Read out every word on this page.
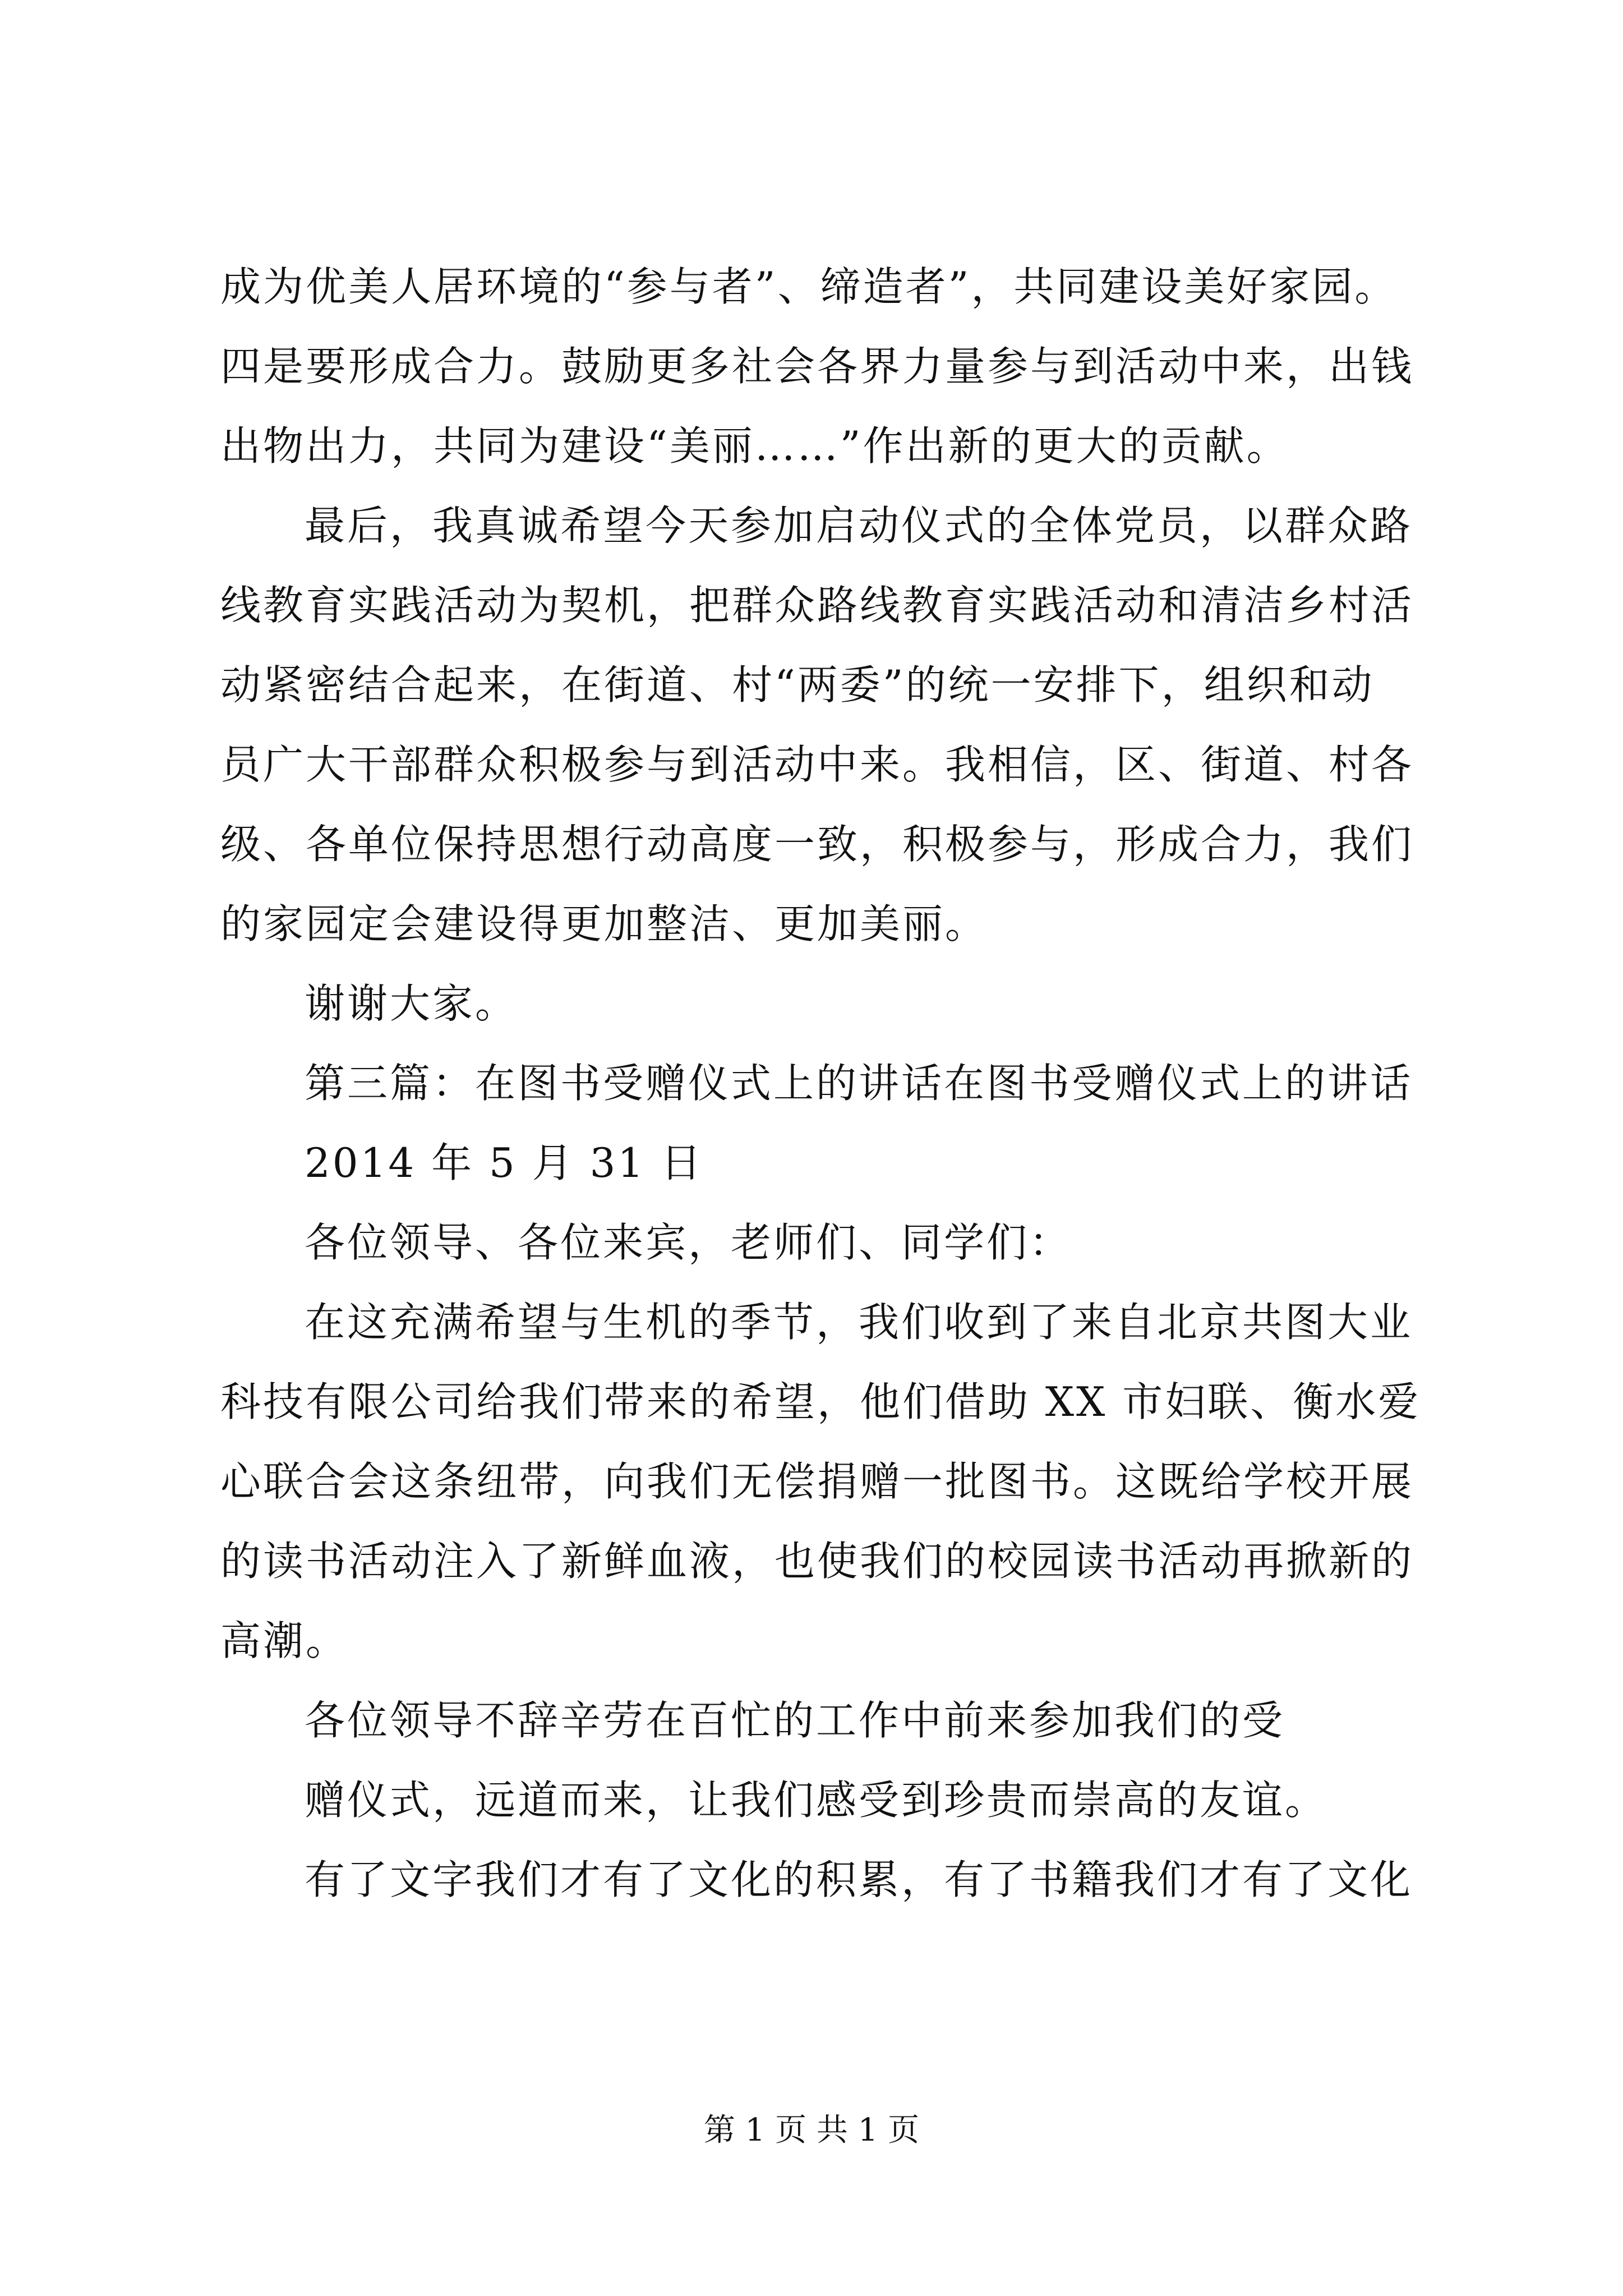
成为优美人居环境的“参与者”、缔造者”，共同建设美好家园。
四是要形成合力。鼓励更多社会各界力量参与到活动中来，出钱
出物出力，共同为建设“美丽……”作出新的更大的贡献。
最后，我真诚希望今天参加启动仪式的全体党员，以群众路
线教育实践活动为契机，把群众路线教育实践活动和清洁乡村活
动紧密结合起来，在街道、村“两委”的统一安排下，组织和动
员广大干部群众积极参与到活动中来。我相信，区、街道、村各
级、各单位保持思想行动高度一致，积极参与，形成合力，我们
的家园定会建设得更加整洁、更加美丽。
谢谢大家。
第三篇：在图书受赠仪式上的讲话在图书受赠仪式上的讲话
2014 年 5 月 31 日
各位领导、各位来宾，老师们、同学们：
在这充满希望与生机的季节，我们收到了来自北京共图大业
科技有限公司给我们带来的希望，他们借助 XX 市妇联、衡水爱
心联合会这条纽带，向我们无偿捐赠一批图书。这既给学校开展
的读书活动注入了新鲜血液，也使我们的校园读书活动再掀新的
高潮。
各位领导不辞辛劳在百忙的工作中前来参加我们的受
赠仪式，远道而来，让我们感受到珍贵而崇高的友谊。
有了文字我们才有了文化的积累，有了书籍我们才有了文化
第 1 页 共 1 页
